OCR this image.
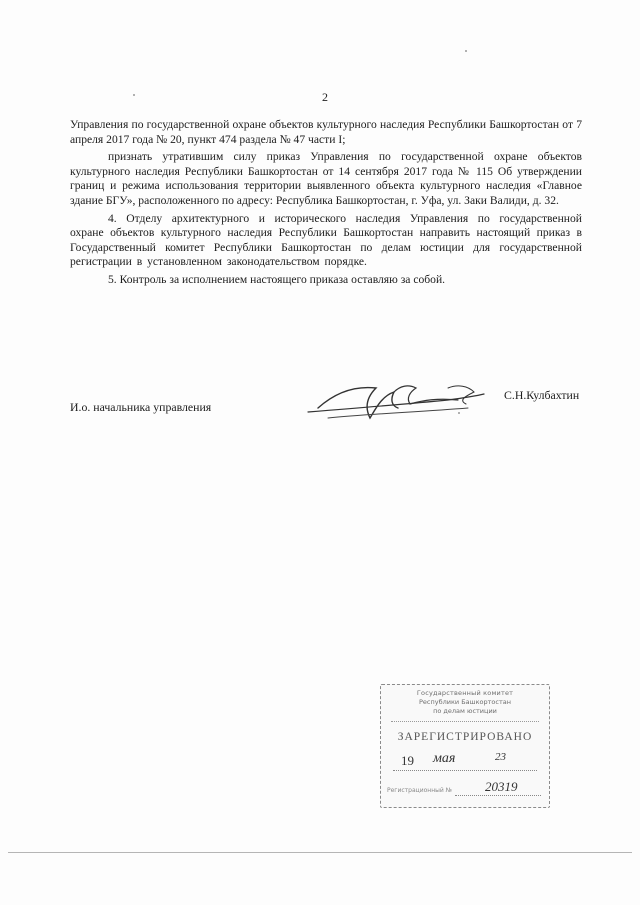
2

Управления по государственной охране объектов культурного наследия Республики Башкортостан от 7 апреля 2017 года № 20, пункт 474 раздела № 47 части I;

признать утратившим силу приказ Управления по государственной охране объектов культурного наследия Республики Башкортостан от 14 сентября 2017 года № 115 Об утверждении границ и режима использования территории выявленного объекта культурного наследия «Главное здание БГУ», расположенного по адресу: Республика Башкортостан, г. Уфа, ул. Заки Валиди, д. 32.

4. Отделу архитектурного и исторического наследия Управления по государственной охране объектов культурного наследия Республики Башкортостан направить настоящий приказ в Государственный комитет Республики Башкортостан по делам юстиции для государственной регистрации в установленном законодательством порядке.

5. Контроль за исполнением настоящего приказа оставляю за собой.

И.о. начальника управления
С.Н.Кулбахтин
Государственный комитет
Республики Башкортостан
по делам юстиции
ЗАРЕГИСТРИРОВАНО
19 мая	23
Регистрационный №	20319
